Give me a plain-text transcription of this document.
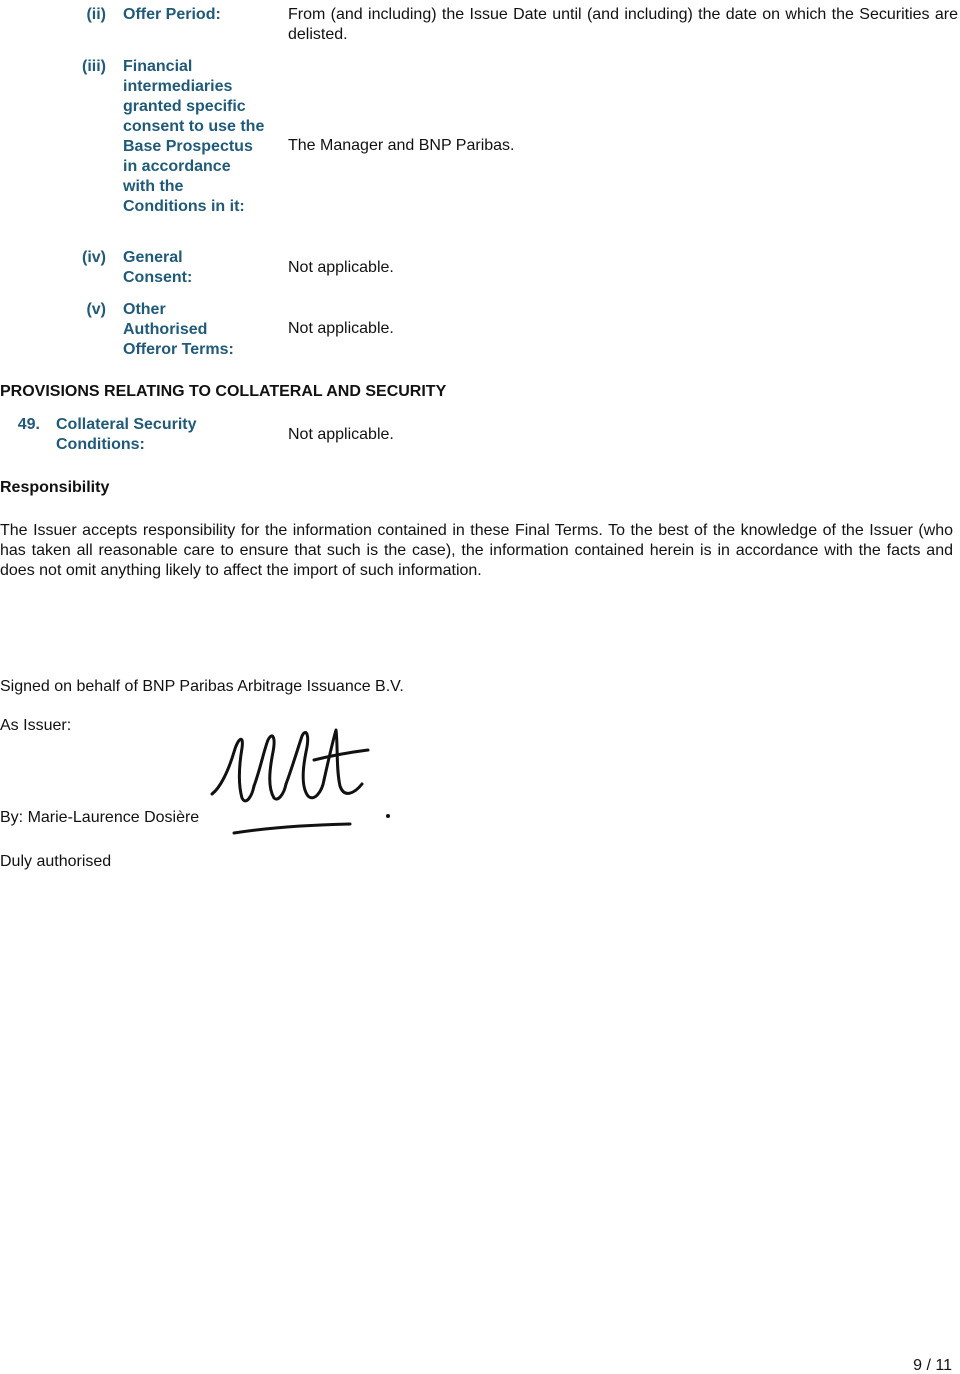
(ii) Offer Period:	From (and including) the Issue Date until (and including) the date on which the Securities are delisted.
(iii) Financial intermediaries granted specific consent to use the Base Prospectus in accordance with the Conditions in it:
The Manager and BNP Paribas.
(iv) General Consent:
Not applicable.
(v) Other Authorised Offeror Terms:
Not applicable.
PROVISIONS RELATING TO COLLATERAL AND SECURITY
49. Collateral Security Conditions:
Not applicable.
Responsibility
The Issuer accepts responsibility for the information contained in these Final Terms. To the best of the knowledge of the Issuer (who has taken all reasonable care to ensure that such is the case), the information contained herein is in accordance with the facts and does not omit anything likely to affect the import of such information.
Signed on behalf of BNP Paribas Arbitrage Issuance B.V.
As Issuer:
By: Marie-Laurence Dosière
Duly authorised
9 / 11
